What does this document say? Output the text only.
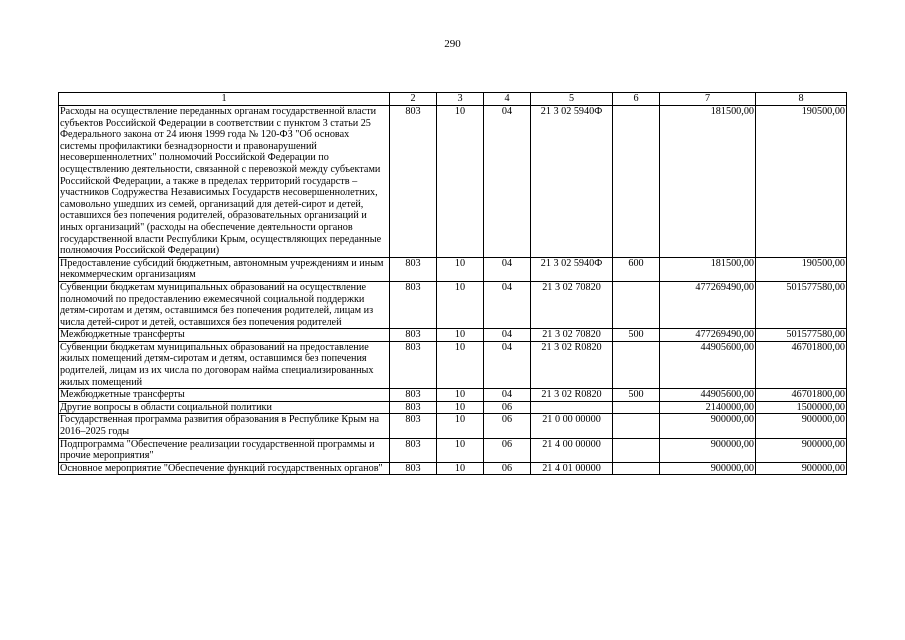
290
1	2	3	4	5	6	7	8
Расходы на осуществление переданных органам государственной власти субъектов Российской Федерации в соответствии с пунктом 3 статьи 25 Федерального закона от 24 июня 1999 года № 120-ФЗ "Об основах системы профилактики безнадзорности и правонарушений несовершеннолетних" полномочий Российской Федерации по осуществлению деятельности, связанной с перевозкой между субъектами Российской Федерации, а также в пределах территорий государств – участников Содружества Независимых Государств несовершеннолетних, самовольно ушедших из семей, организаций для детей-сирот и детей, оставшихся без попечения родителей, образовательных организаций и иных организаций" (расходы на обеспечение деятельности органов государственной власти Республики Крым, осуществляющих переданные полномочия Российской Федерации)	803	10	04	21 3 02 5940Ф		181500,00	190500,00
Предоставление субсидий бюджетным, автономным учреждениям и иным некоммерческим организациям	803	10	04	21 3 02 5940Ф	600	181500,00	190500,00
Субвенции бюджетам муниципальных образований на осуществление полномочий по предоставлению ежемесячной социальной поддержки детям-сиротам и детям, оставшимся без попечения родителей, лицам из числа детей-сирот и детей, оставшихся без попечения родителей	803	10	04	21 3 02 70820		477269490,00	501577580,00
Межбюджетные трансферты	803	10	04	21 3 02 70820	500	477269490,00	501577580,00
Субвенции бюджетам муниципальных образований на предоставление жилых помещений детям-сиротам и детям, оставшимся без попечения родителей, лицам из их числа по договорам найма специализированных жилых помещений	803	10	04	21 3 02 R0820		44905600,00	46701800,00
Межбюджетные трансферты	803	10	04	21 3 02 R0820	500	44905600,00	46701800,00
Другие вопросы в области социальной политики	803	10	06			2140000,00	1500000,00
Государственная программа развития образования в Республике Крым на 2016–2025 годы	803	10	06	21 0 00 00000		900000,00	900000,00
Подпрограмма "Обеспечение реализации государственной программы и прочие мероприятия"	803	10	06	21 4 00 00000		900000,00	900000,00
Основное мероприятие "Обеспечение функций государственных органов"	803	10	06	21 4 01 00000		900000,00	900000,00
